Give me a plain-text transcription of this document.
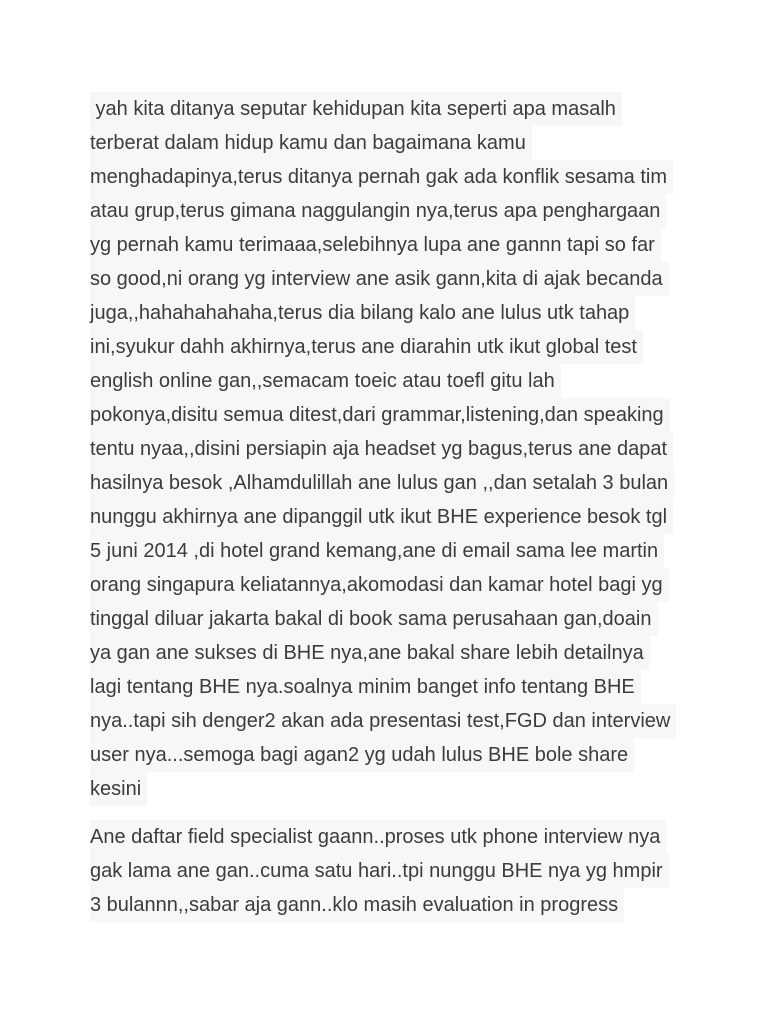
yah kita ditanya seputar kehidupan kita seperti apa masalh
terberat dalam hidup kamu dan bagaimana kamu
menghadapinya,terus ditanya pernah gak ada konflik sesama tim
atau grup,terus gimana naggulangin nya,terus apa penghargaan
yg pernah kamu terimaaa,selebihnya lupa ane gannn tapi so far
so good,ni orang yg interview ane asik gann,kita di ajak becanda
juga,,hahahahahaha,terus dia bilang kalo ane lulus utk tahap
ini,syukur dahh akhirnya,terus ane diarahin utk ikut global test
english online gan,,semacam toeic atau toefl gitu lah
pokonya,disitu semua ditest,dari grammar,listening,dan speaking
tentu nyaa,,disini persiapin aja headset yg bagus,terus ane dapat
hasilnya besok ,Alhamdulillah ane lulus gan ,,dan setalah 3 bulan
nunggu akhirnya ane dipanggil utk ikut BHE experience besok tgl
5 juni 2014 ,di hotel grand kemang,ane di email sama lee martin
orang singapura keliatannya,akomodasi dan kamar hotel bagi yg
tinggal diluar jakarta bakal di book sama perusahaan gan,doain
ya gan ane sukses di BHE nya,ane bakal share lebih detailnya
lagi tentang BHE nya.soalnya minim banget info tentang BHE
nya..tapi sih denger2 akan ada presentasi test,FGD dan interview
user nya...semoga bagi agan2 yg udah lulus BHE bole share
kesini
Ane daftar field specialist gaann..proses utk phone interview nya
gak lama ane gan..cuma satu hari..tpi nunggu BHE nya yg hmpir
3 bulannn,,sabar aja gann..klo masih evaluation in progress
